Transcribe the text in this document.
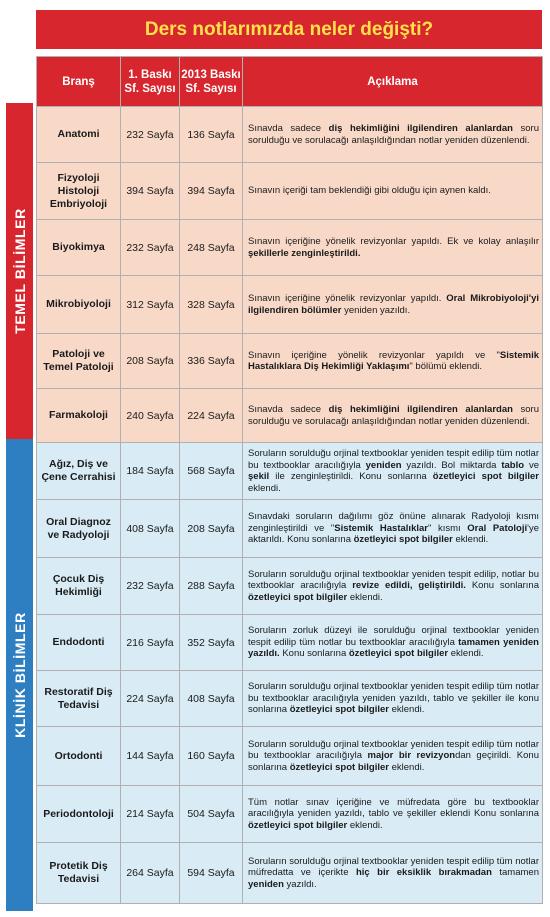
Ders notlarımızda neler değişti?
TEMEL BİLİMLER
KLİNİK BİLİMLER
Branş	1. Baskı Sf. Sayısı	2013 Baskı Sf. Sayısı	Açıklama
Anatomi	232 Sayfa	136 Sayfa	Sınavda sadece diş hekimliğini ilgilendiren alanlardan soru sorulduğu ve sorulacağı anlaşıldığından notlar yeniden düzenlendi.
Fizyoloji Histoloji Embriyoloji	394 Sayfa	394 Sayfa	Sınavın içeriği tam beklendiği gibi olduğu için aynen kaldı.
Biyokimya	232 Sayfa	248 Sayfa	Sınavın içeriğine yönelik revizyonlar yapıldı. Ek ve kolay anlaşılır şekillerle zenginleştirildi.
Mikrobiyoloji	312 Sayfa	328 Sayfa	Sınavın içeriğine yönelik revizyonlar yapıldı. Oral Mikrobiyoloji'yi ilgilendiren bölümler yeniden yazıldı.
Patoloji ve Temel Patoloji	208 Sayfa	336 Sayfa	Sınavın içeriğine yönelik revizyonlar yapıldı ve "Sistemik Hastalıklara Diş Hekimliği Yaklaşımı" bölümü eklendi.
Farmakoloji	240 Sayfa	224 Sayfa	Sınavda sadece diş hekimliğini ilgilendiren alanlardan soru sorulduğu ve sorulacağı anlaşıldığından notlar yeniden düzenlendi.
Ağız, Diş ve Çene Cerrahisi	184 Sayfa	568 Sayfa	Soruların sorulduğu orjinal textbooklar yeniden tespit edilip tüm notlar bu textbooklar aracılığıyla yeniden yazıldı. Bol miktarda tablo ve şekil ile zenginleştirildi. Konu sonlarına özetleyici spot bilgiler eklendi.
Oral Diagnoz ve Radyoloji	408 Sayfa	208 Sayfa	Sınavdaki soruların dağılımı göz önüne alınarak Radyoloji kısmı zenginleştirildi ve "Sistemik Hastalıklar" kısmı Oral Patoloji'ye aktarıldı. Konu sonlarına özetleyici spot bilgiler eklendi.
Çocuk Diş Hekimliği	232 Sayfa	288 Sayfa	Soruların sorulduğu orjinal textbooklar yeniden tespit edilip, notlar bu textbooklar aracılığıyla revize edildi, geliştirildi. Konu sonlarına özetleyici spot bilgiler eklendi.
Endodonti	216 Sayfa	352 Sayfa	Soruların zorluk düzeyi ile sorulduğu orjinal textbooklar yeniden tespit edilip tüm notlar bu textbooklar aracılığıyla tamamen yeniden yazıldı. Konu sonlarına özetleyici spot bilgiler eklendi.
Restoratif Diş Tedavisi	224 Sayfa	408 Sayfa	Soruların sorulduğu orjinal textbooklar yeniden tespit edilip tüm notlar bu textbooklar aracılığıyla yeniden yazıldı, tablo ve şekiller ile konu sonlarına özetleyici spot bilgiler eklendi.
Ortodonti	144 Sayfa	160 Sayfa	Soruların sorulduğu orjinal textbooklar yeniden tespit edilip tüm notlar bu textbooklar aracılığıyla major bir revizyondan geçirildi. Konu sonlarına özetleyici spot bilgiler eklendi.
Periodontoloji	214 Sayfa	504 Sayfa	Tüm notlar sınav içeriğine ve müfredata göre bu textbooklar aracılığıyla yeniden yazıldı, tablo ve şekiller eklendi Konu sonlarına özetleyici spot bilgiler eklendi.
Protetik Diş Tedavisi	264 Sayfa	594 Sayfa	Soruların sorulduğu orjinal textbooklar yeniden tespit edilip tüm notlar müfredatta ve içerikte hiç bir eksiklik bırakmadan tamamen yeniden yazıldı.
